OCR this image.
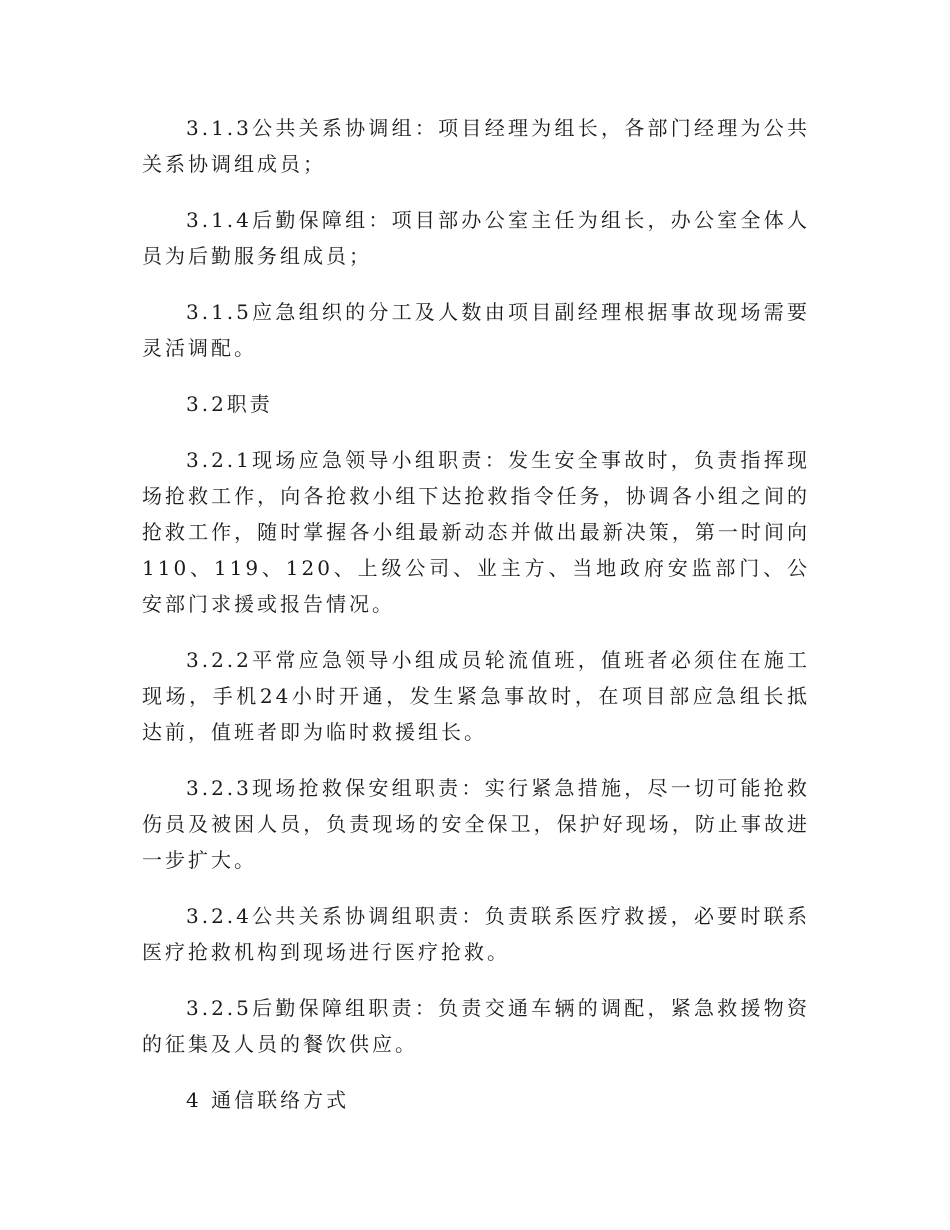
3.1.3公共关系协调组：项目经理为组长，各部门经理为公共关系协调组成员；

3.1.4后勤保障组：项目部办公室主任为组长，办公室全体人员为后勤服务组成员；

3.1.5应急组织的分工及人数由项目副经理根据事故现场需要灵活调配。

3.2职责

3.2.1现场应急领导小组职责：发生安全事故时，负责指挥现场抢救工作，向各抢救小组下达抢救指令任务，协调各小组之间的抢救工作，随时掌握各小组最新动态并做出最新决策，第一时间向110、119、120、上级公司、业主方、当地政府安监部门、公安部门求援或报告情况。

3.2.2平常应急领导小组成员轮流值班，值班者必须住在施工现场，手机24小时开通，发生紧急事故时，在项目部应急组长抵达前，值班者即为临时救援组长。

3.2.3现场抢救保安组职责：实行紧急措施，尽一切可能抢救伤员及被困人员，负责现场的安全保卫，保护好现场，防止事故进一步扩大。

3.2.4公共关系协调组职责：负责联系医疗救援，必要时联系医疗抢救机构到现场进行医疗抢救。

3.2.5后勤保障组职责：负责交通车辆的调配，紧急救援物资的征集及人员的餐饮供应。

4 通信联络方式
